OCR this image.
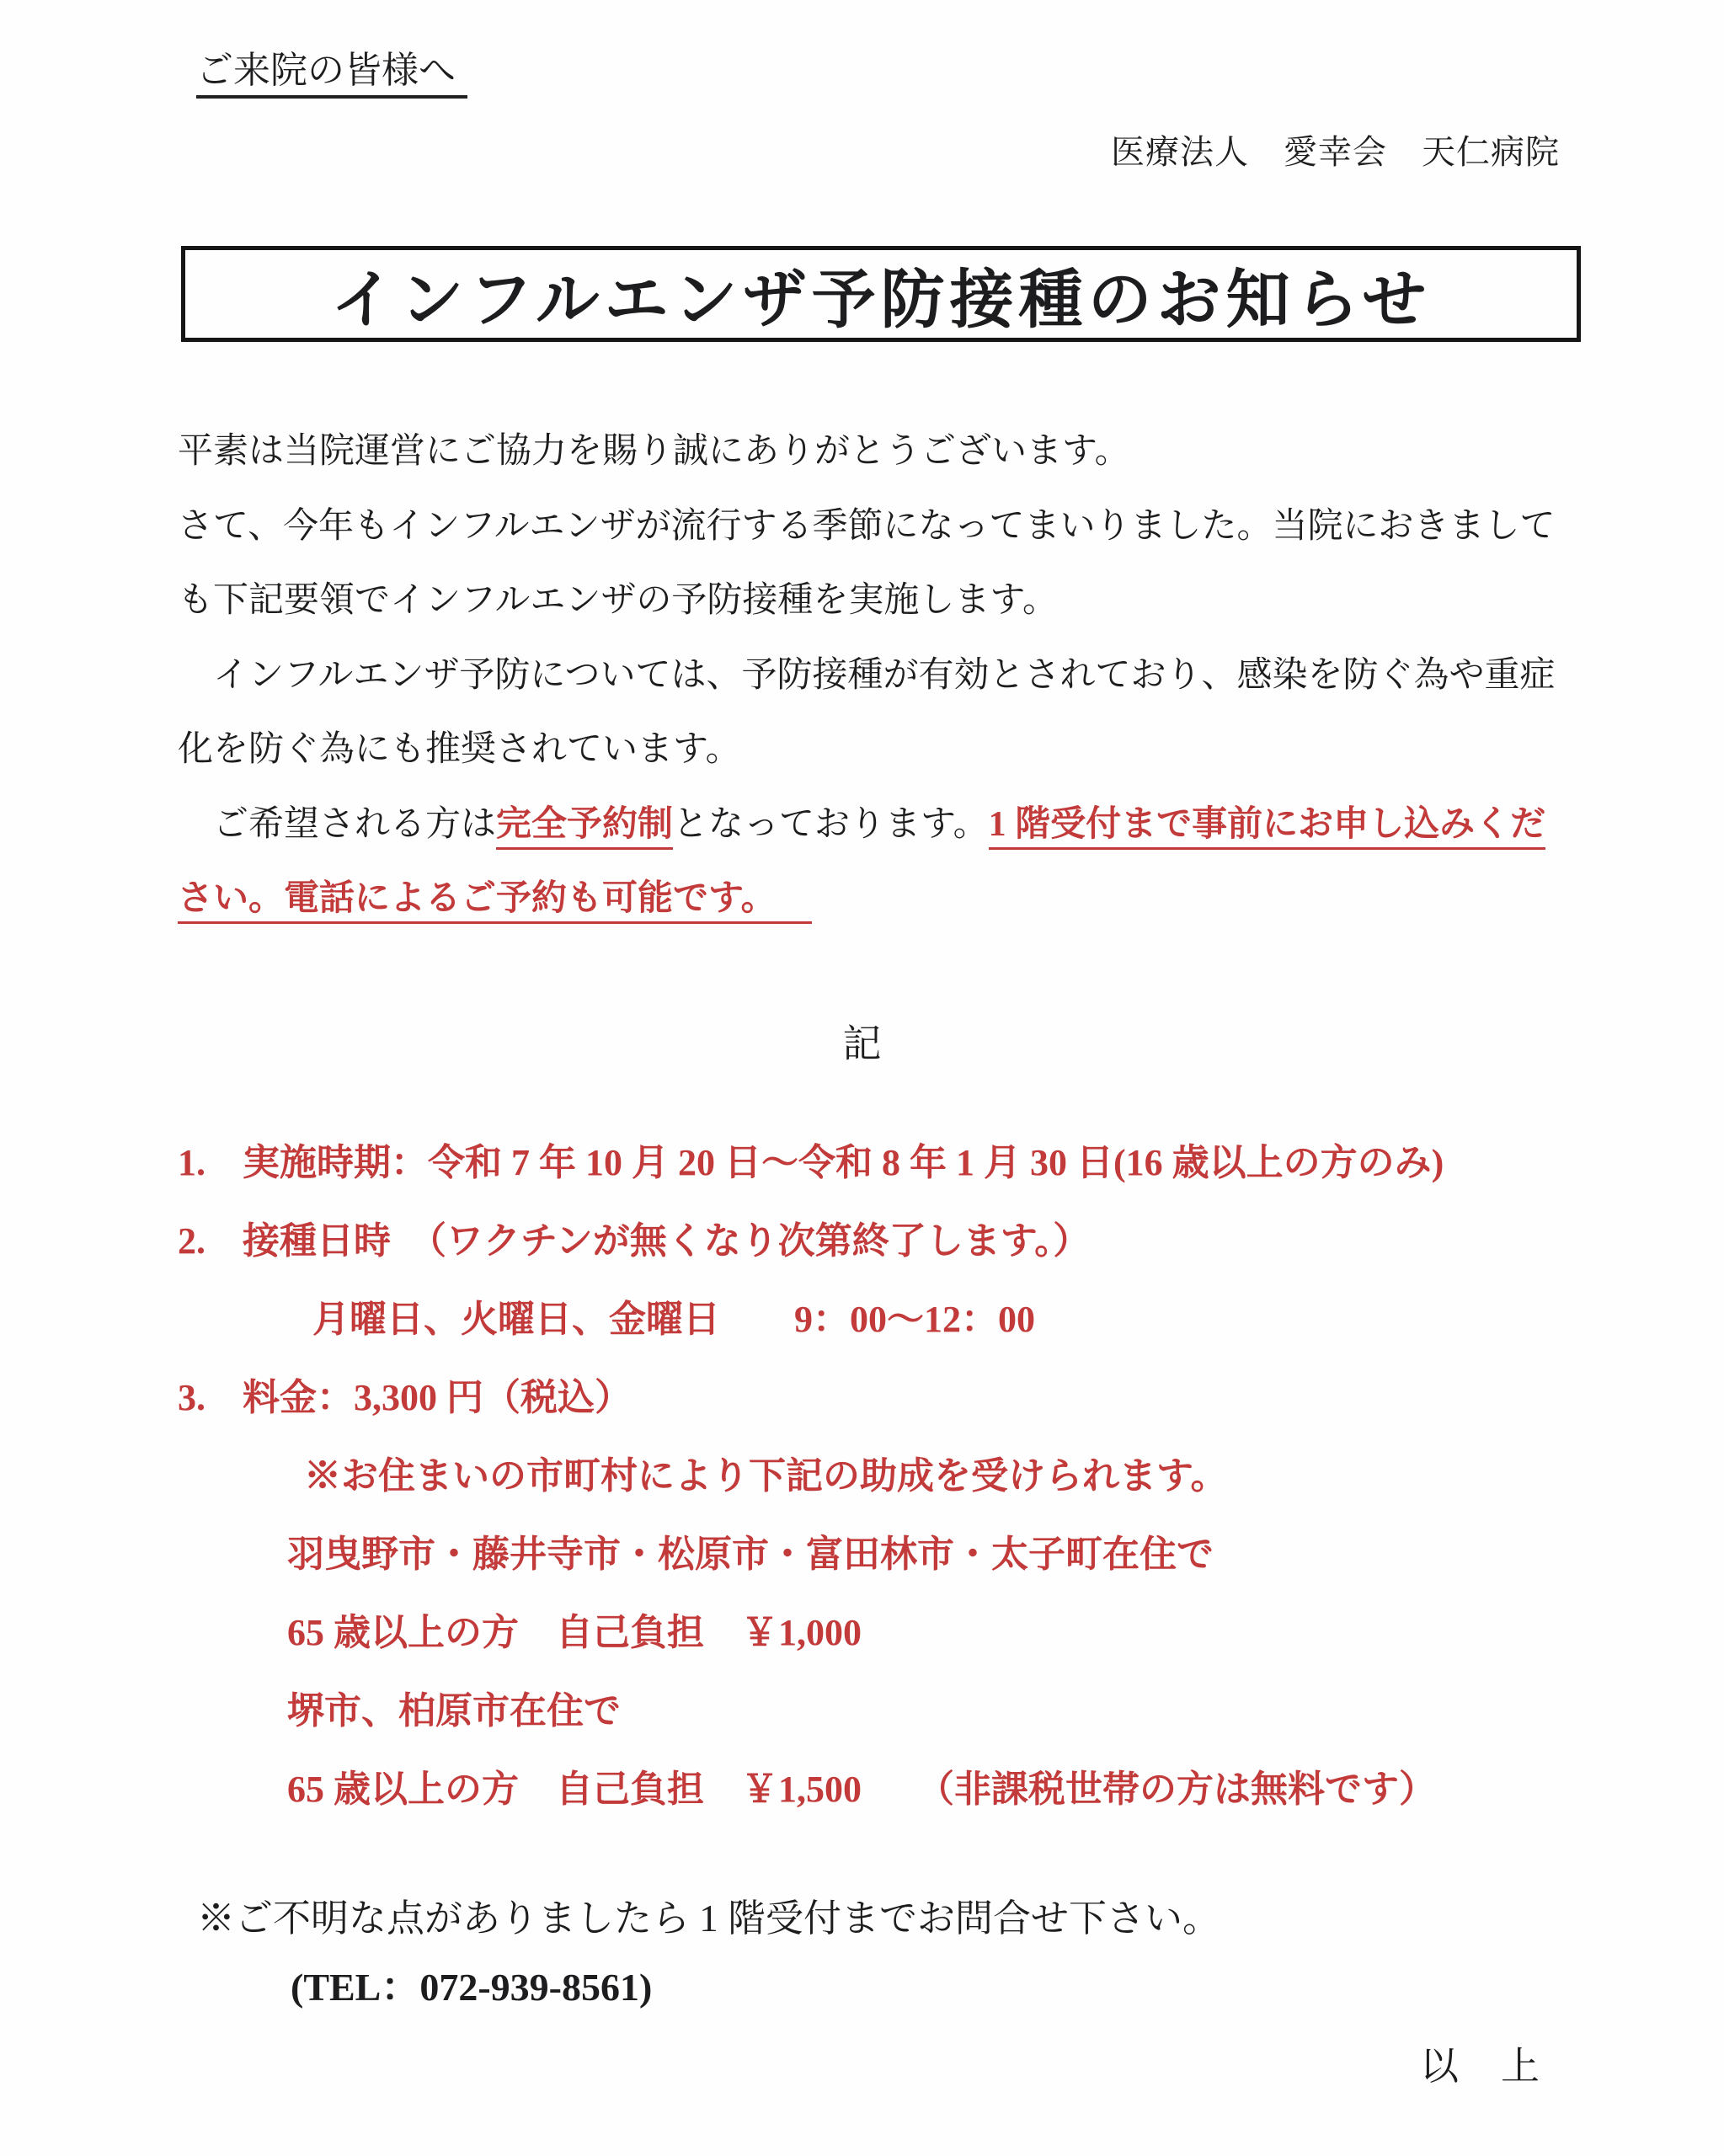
ご来院の皆様へ
医療法人　愛幸会　天仁病院
インフルエンザ予防接種のお知らせ
平素は当院運営にご協力を賜り誠にありがとうございます。
さて、今年もインフルエンザが流行する季節になってまいりました。当院におきまして
も下記要領でインフルエンザの予防接種を実施します。
　インフルエンザ予防については、予防接種が有効とされており、感染を防ぐ為や重症
化を防ぐ為にも推奨されています。
　ご希望される方は完全予約制となっております。1 階受付まで事前にお申し込みくだ
さい。電話によるご予約も可能です。
記
1.　実施時期：令和 7 年 10 月 20 日～令和 8 年 1 月 30 日(16 歳以上の方のみ)
2.　接種日時　（ワクチンが無くなり次第終了します。）
月曜日、火曜日、金曜日　　9：00～12：00
3.　料金：3,300 円（税込）
※お住まいの市町村により下記の助成を受けられます。
羽曳野市・藤井寺市・松原市・富田林市・太子町在住で
65 歳以上の方　自己負担　￥1,000
堺市、柏原市在住で
65 歳以上の方　自己負担　￥1,500　　（非課税世帯の方は無料です）
※ご不明な点がありましたら 1 階受付までお問合せ下さい。
(TEL：072-939-8561)
以　上
